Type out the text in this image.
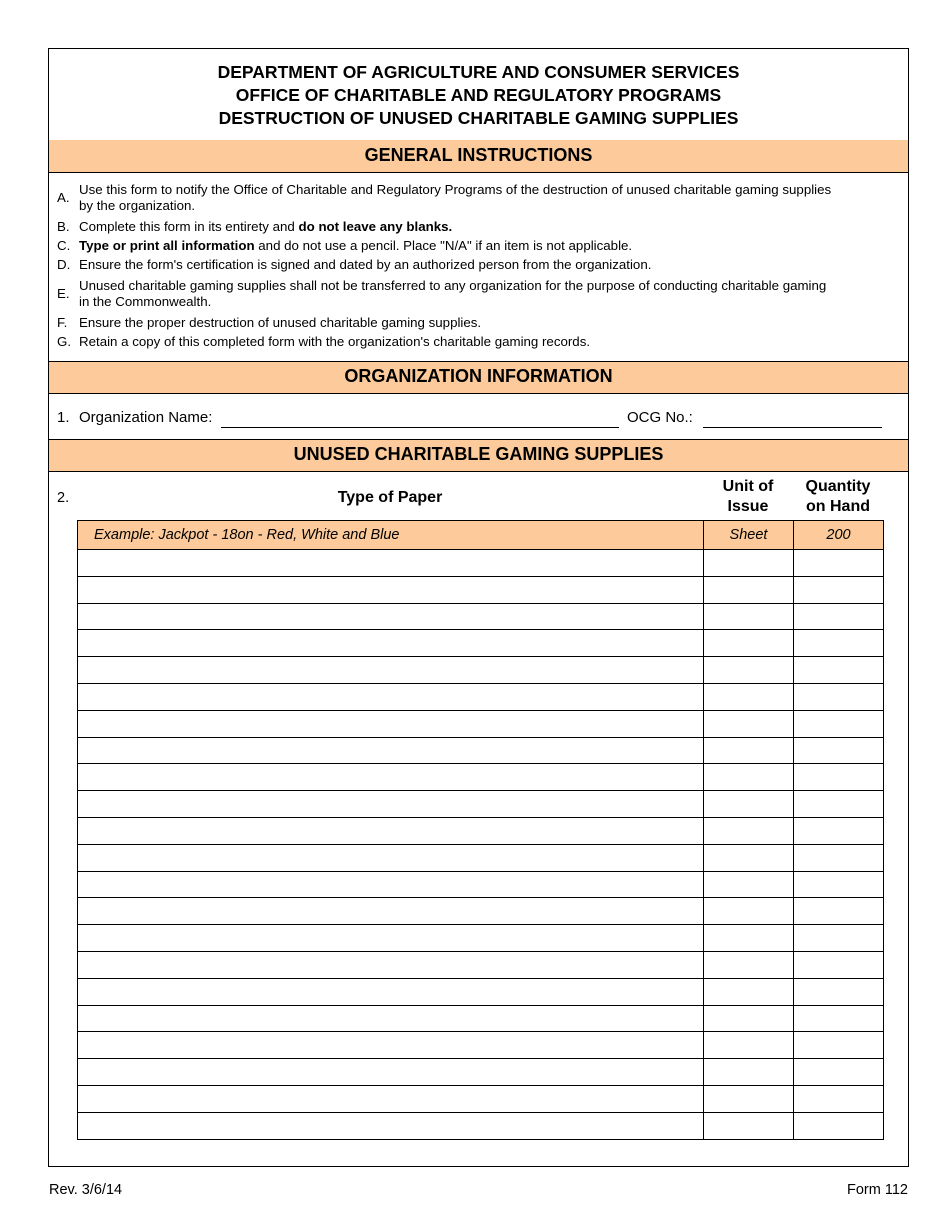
DEPARTMENT OF AGRICULTURE AND CONSUMER SERVICES
OFFICE OF CHARITABLE AND REGULATORY PROGRAMS
DESTRUCTION OF UNUSED CHARITABLE GAMING SUPPLIES
GENERAL INSTRUCTIONS
A.
Use this form to notify the Office of Charitable and Regulatory Programs of the destruction of unused charitable gaming supplies
by the organization.
B. Complete this form in its entirety and do not leave any blanks.
C. Type or print all information and do not use a pencil. Place "N/A" if an item is not applicable.
D. Ensure the form's certification is signed and dated by an authorized person from the organization.
E.
Unused charitable gaming supplies shall not be transferred to any organization for the purpose of conducting charitable gaming
in the Commonwealth.
F. Ensure the proper destruction of unused charitable gaming supplies.
G. Retain a copy of this completed form with the organization's charitable gaming records.
ORGANIZATION INFORMATION
1. Organization Name:	OCG No.:
UNUSED CHARITABLE GAMING SUPPLIES
2.	Type of Paper
Unit of
Issue
Quantity
on Hand
Example: Jackpot - 18on - Red, White and Blue	Sheet	200

Rev. 3/6/14	Form 112
